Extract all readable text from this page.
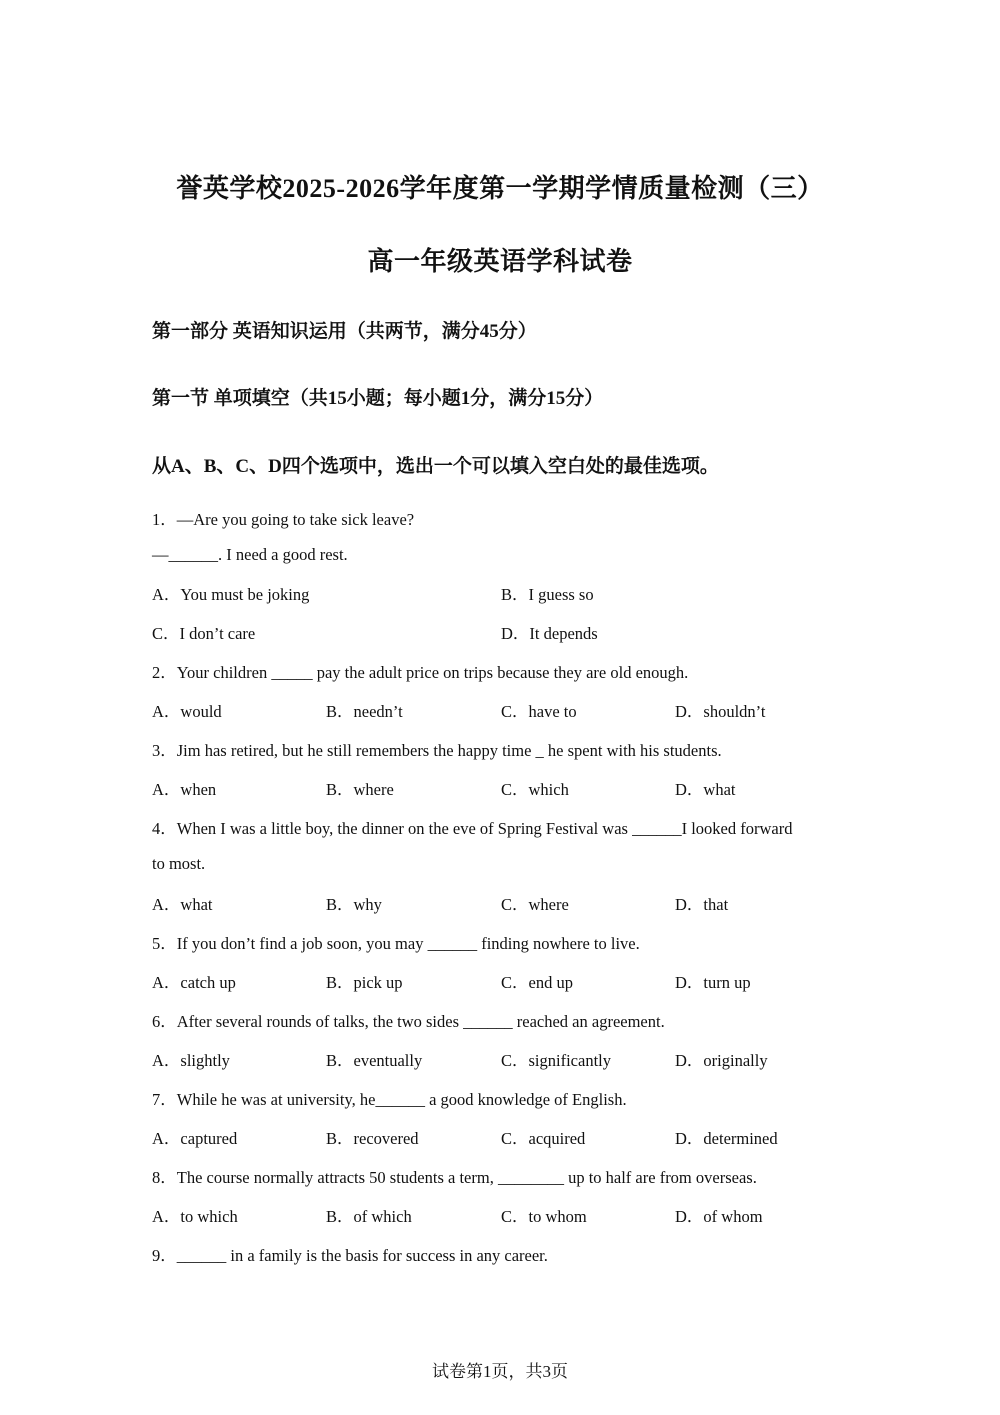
誉英学校2025-2026学年度第一学期学情质量检测（三）
高一年级英语学科试卷
第一部分 英语知识运用（共两节，满分45分）
第一节 单项填空（共15小题；每小题1分，满分15分）
从A、B、C、D四个选项中，选出一个可以填入空白处的最佳选项。
1．—Are you going to take sick leave?
—______. I need a good rest.
A．You must be joking	B．I guess so
C．I don’t care	D．It depends
2．Your children _____ pay the adult price on trips because they are old enough.
A．would	B．needn’t	C．have to	D．shouldn’t
3．Jim has retired, but he still remembers the happy time _ he spent with his students.
A．when	B．where	C．which	D．what
4．When I was a little boy, the dinner on the eve of Spring Festival was ______I looked forward
to most.
A．what	B．why	C．where	D．that
5．If you don’t find a job soon, you may ______ finding nowhere to live.
A．catch up	B．pick up	C．end up	D．turn up
6．After several rounds of talks, the two sides ______ reached an agreement.
A．slightly	B．eventually	C．significantly	D．originally
7．While he was at university, he______ a good knowledge of English.
A．captured	B．recovered	C．acquired	D．determined
8．The course normally attracts 50 students a term, ________ up to half are from overseas.
A．to which	B．of which	C．to whom	D．of whom
9．______ in a family is the basis for success in any career.
试卷第1页，共3页
